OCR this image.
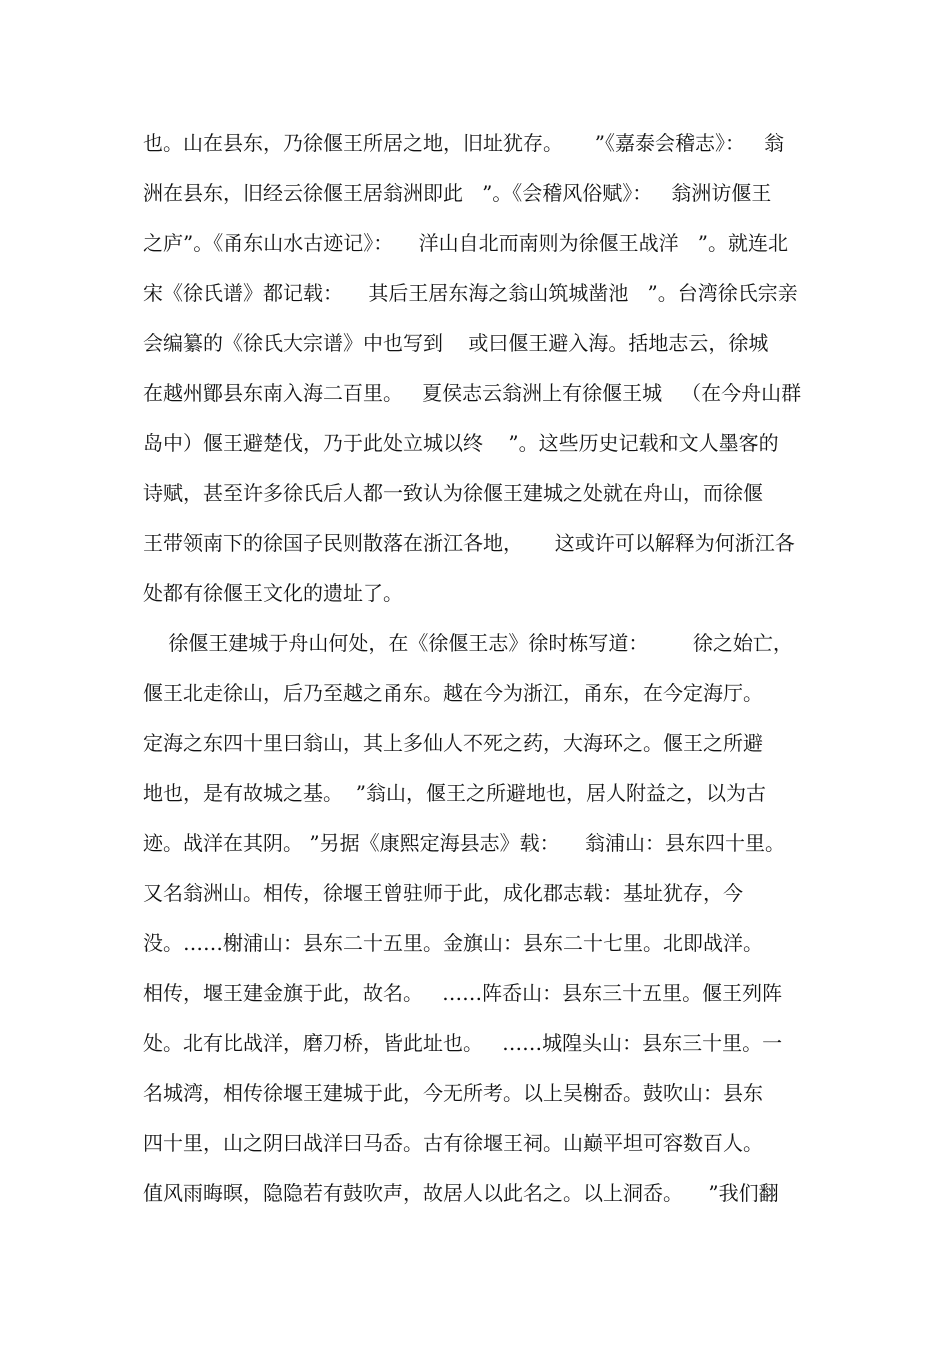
也。山在县东，乃徐偃王所居之地，旧址犹存。     ”《嘉泰会稽志》：   翁
洲在县东，旧经云徐偃王居翁洲即此   ”。《会稽风俗赋》：   翁洲访偃王
之庐”。《甬东山水古迹记》：    洋山自北而南则为徐偃王战洋   ”。就连北
宋《徐氏谱》都记载：    其后王居东海之翁山筑城凿池   ”。台湾徐氏宗亲
会编纂的《徐氏大宗谱》中也写到    或曰偃王避入海。括地志云，徐城
在越州鄮县东南入海二百里。   夏侯志云翁洲上有徐偃王城   （在今舟山群
岛中）偃王避楚伐，乃于此处立城以终    ”。这些历史记载和文人墨客的
诗赋，甚至许多徐氏后人都一致认为徐偃王建城之处就在舟山，而徐偃
王带领南下的徐国子民则散落在浙江各地，     这或许可以解释为何浙江各
处都有徐偃王文化的遗址了。
徐偃王建城于舟山何处，在《徐偃王志》徐时栋写道：       徐之始亡，
偃王北走徐山，后乃至越之甬东。越在今为浙江，甬东，在今定海厅。
定海之东四十里曰翁山，其上多仙人不死之药，大海环之。偃王之所避
地也，是有故城之基。  ”翁山，偃王之所避地也，居人附益之，以为古
迹。战洋在其阴。 ”另据《康熙定海县志》载：    翁浦山：县东四十里。
又名翁洲山。相传，徐堰王曾驻师于此，成化郡志载：基址犹存，今
没。……榭浦山：县东二十五里。金旗山：县东二十七里。北即战洋。
相传，堰王建金旗于此，故名。   ……阵岙山：县东三十五里。偃王列阵
处。北有比战洋，磨刀桥，皆此址也。   ……城隍头山：县东三十里。一
名城湾，相传徐堰王建城于此，今无所考。以上吴榭岙。鼓吹山：县东
四十里，山之阴曰战洋曰马岙。古有徐堰王祠。山巅平坦可容数百人。
值风雨晦暝，隐隐若有鼓吹声，故居人以此名之。以上洞岙。    ”我们翻
